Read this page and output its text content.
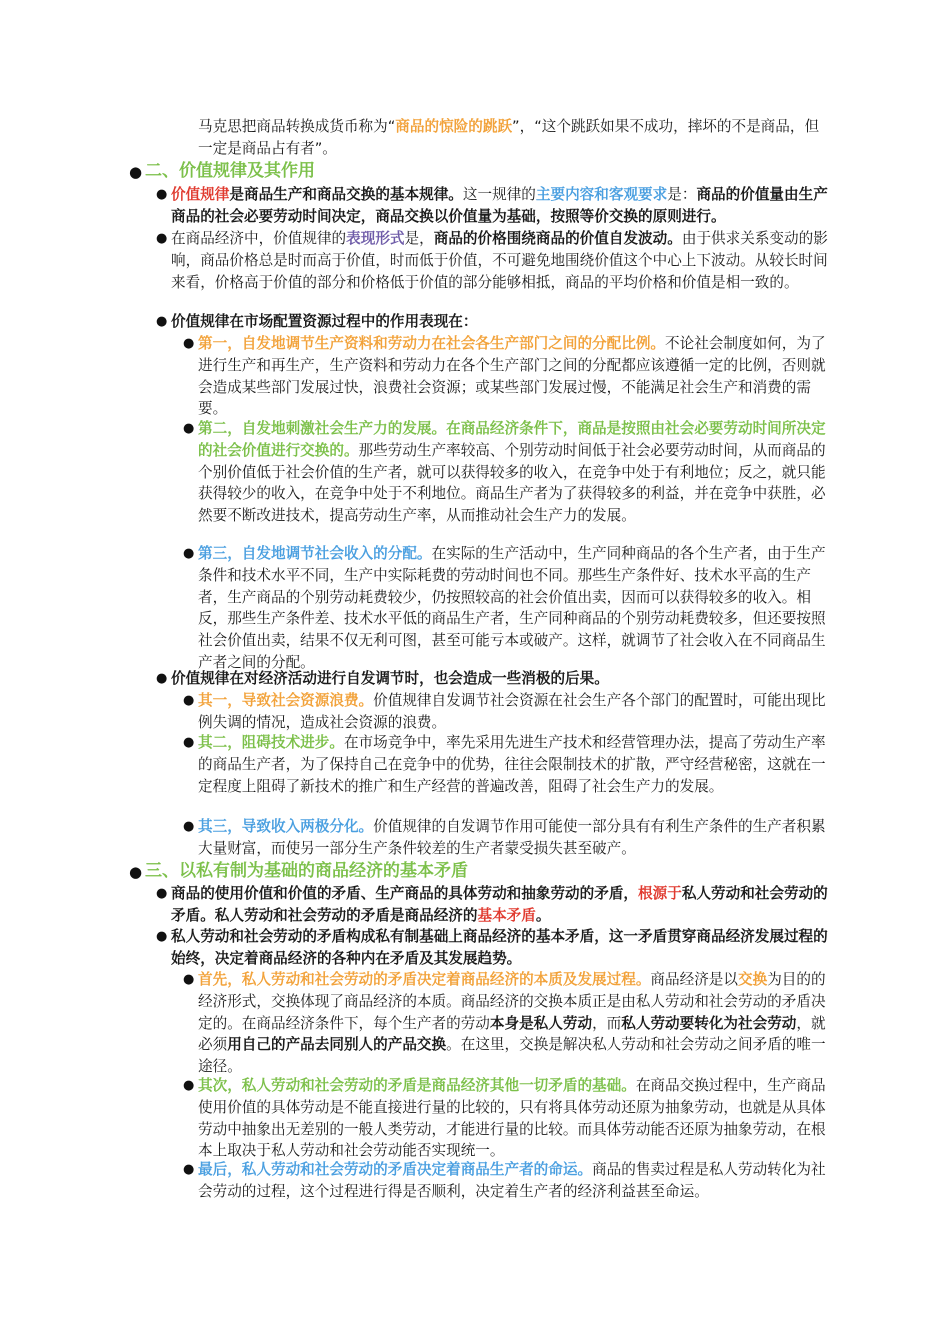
马克思把商品转换成货币称为“商品的惊险的跳跃”，“这个跳跃如果不成功，摔坏的不是商品，但一定是商品占有者”。
● 二、价值规律及其作用
● 价值规律是商品生产和商品交换的基本规律。这一规律的主要内容和客观要求是：商品的价值量由生产商品的社会必要劳动时间决定，商品交换以价值量为基础，按照等价交换的原则进行。
● 在商品经济中，价值规律的表现形式是，商品的价格围绕商品的价值自发波动。由于供求关系变动的影响，商品价格总是时而高于价值，时而低于价值，不可避免地围绕价值这个中心上下波动。从较长时间来看，价格高于价值的部分和价格低于价值的部分能够相抵，商品的平均价格和价值是相一致的。
● 价值规律在市场配置资源过程中的作用表现在：
● 第一，自发地调节生产资料和劳动力在社会各生产部门之间的分配比例。不论社会制度如何，为了进行生产和再生产，生产资料和劳动力在各个生产部门之间的分配都应该遵循一定的比例，否则就会造成某些部门发展过快，浪费社会资源；或某些部门发展过慢，不能满足社会生产和消费的需要。
● 第二，自发地刺激社会生产力的发展。在商品经济条件下，商品是按照由社会必要劳动时间所决定的社会价值进行交换的。那些劳动生产率较高、个别劳动时间低于社会必要劳动时间，从而商品的个别价值低于社会价值的生产者，就可以获得较多的收入，在竞争中处于有利地位；反之，就只能获得较少的收入，在竞争中处于不利地位。商品生产者为了获得较多的利益，并在竞争中获胜，必然要不断改进技术，提高劳动生产率，从而推动社会生产力的发展。
● 第三，自发地调节社会收入的分配。在实际的生产活动中，生产同种商品的各个生产者，由于生产条件和技术水平不同，生产中实际耗费的劳动时间也不同。那些生产条件好、技术水平高的生产者，生产商品的个别劳动耗费较少，仍按照较高的社会价值出卖，因而可以获得较多的收入。相反，那些生产条件差、技术水平低的商品生产者，生产同种商品的个别劳动耗费较多，但还要按照社会价值出卖，结果不仅无利可图，甚至可能亏本或破产。这样，就调节了社会收入在不同商品生产者之间的分配。
● 价值规律在对经济活动进行自发调节时，也会造成一些消极的后果。
● 其一，导致社会资源浪费。价值规律自发调节社会资源在社会生产各个部门的配置时，可能出现比例失调的情况，造成社会资源的浪费。
● 其二，阻碍技术进步。在市场竞争中，率先采用先进生产技术和经营管理办法，提高了劳动生产率的商品生产者，为了保持自己在竞争中的优势，往往会限制技术的扩散，严守经营秘密，这就在一定程度上阻碍了新技术的推广和生产经营的普遍改善，阻碍了社会生产力的发展。
● 其三，导致收入两极分化。价值规律的自发调节作用可能使一部分具有有利生产条件的生产者积累大量财富，而使另一部分生产条件较差的生产者蒙受损失甚至破产。
● 三、以私有制为基础的商品经济的基本矛盾
● 商品的使用价值和价值的矛盾、生产商品的具体劳动和抽象劳动的矛盾，根源于私人劳动和社会劳动的矛盾。私人劳动和社会劳动的矛盾是商品经济的基本矛盾。
● 私人劳动和社会劳动的矛盾构成私有制基础上商品经济的基本矛盾，这一矛盾贯穿商品经济发展过程的始终，决定着商品经济的各种内在矛盾及其发展趋势。
● 首先，私人劳动和社会劳动的矛盾决定着商品经济的本质及发展过程。商品经济是以交换为目的的经济形式，交换体现了商品经济的本质。商品经济的交换本质正是由私人劳动和社会劳动的矛盾决定的。在商品经济条件下，每个生产者的劳动本身是私人劳动，而私人劳动要转化为社会劳动，就必须用自己的产品去同别人的产品交换。在这里，交换是解决私人劳动和社会劳动之间矛盾的唯一途径。
● 其次，私人劳动和社会劳动的矛盾是商品经济其他一切矛盾的基础。在商品交换过程中，生产商品使用价值的具体劳动是不能直接进行量的比较的，只有将具体劳动还原为抽象劳动，也就是从具体劳动中抽象出无差别的一般人类劳动，才能进行量的比较。而具体劳动能否还原为抽象劳动，在根本上取决于私人劳动和社会劳动能否实现统一。
● 最后，私人劳动和社会劳动的矛盾决定着商品生产者的命运。商品的售卖过程是私人劳动转化为社会劳动的过程，这个过程进行得是否顺利，决定着生产者的经济利益甚至命运。
